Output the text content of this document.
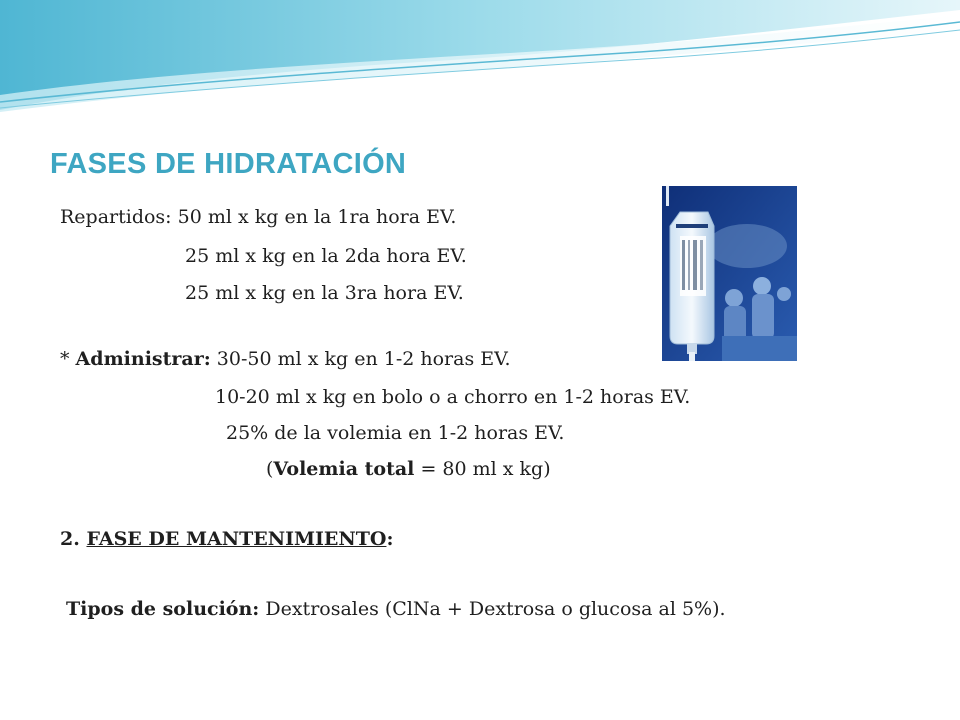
FASES DE HIDRATACIÓN
Repartidos: 50 ml x kg en la 1ra hora EV.
25 ml x kg en la 2da hora EV.
25 ml x kg en la 3ra hora EV.
* Administrar: 30-50 ml x kg en 1-2 horas EV.
10-20 ml x kg en bolo o a chorro en 1-2 horas EV.
25% de la volemia en 1-2 horas EV.
(Volemia total = 80 ml x kg)
2. FASE DE MANTENIMIENTO:
Tipos de solución: Dextrosales (ClNa + Dextrosa o glucosa al 5%).
